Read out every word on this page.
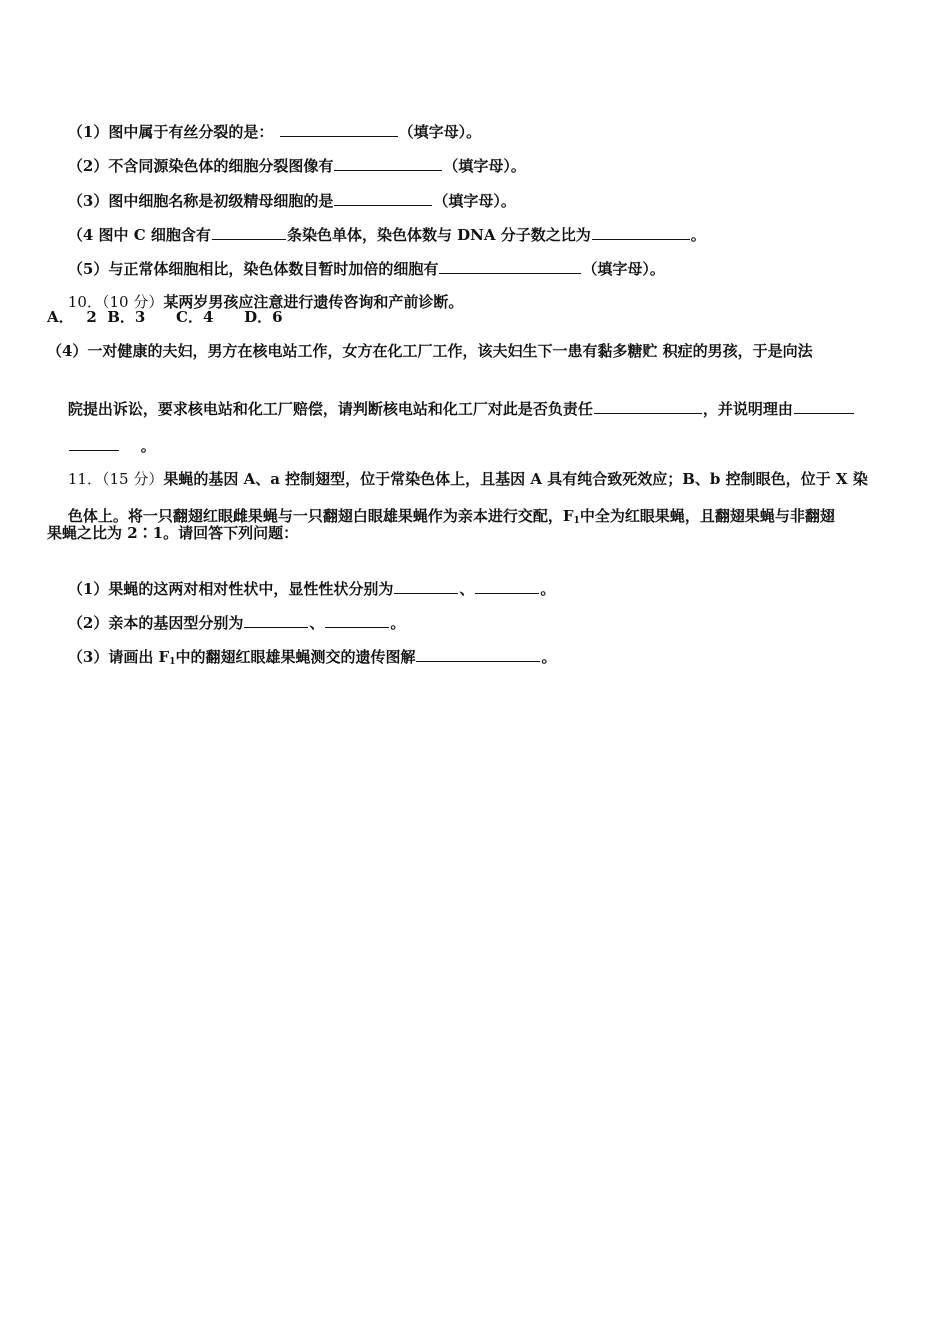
（1）图中属于有丝分裂的是：	（填字母）。

（2）不含同源染色体的细胞分裂图像有	（填字母）。

（3）图中细胞名称是初级精母细胞的是	（填字母）。

（4 图中 C 细胞含有	条染色单体，染色体数与 DNA 分子数之比为	。

（5）与正常体细胞相比，染色体数目暂时加倍的细胞有	（填字母）。

10．（10 分）某两岁男孩应注意进行遗传咨询和产前诊断。

A．　 2  B．3 　  C．4 　  D．6
（4）一对健康的夫妇，男方在核电站工作，女方在化工厂工作，该夫妇生下一患有黏多糖贮 积症的男孩，于是向法

院提出诉讼，要求核电站和化工厂赔偿，请判断核电站和化工厂对此是否负责任	，并说明理由

。

11．（15 分）果蝇的基因 A、a 控制翅型，位于常染色体上，且基因 A 具有纯合致死效应；B、b 控制眼色，位于 X 染

色体上。将一只翻翅红眼雌果蝇与一只翻翅白眼雄果蝇作为亲本进行交配，$F_1$中全为红眼果蝇，且翻翅果蝇与非翻翅

果蝇之比为 2∶1。请回答下列问题：

（1）果蝇的这两对相对性状中，显性性状分别为	、	。

（2）亲本的基因型分别为	、	。

（3）请画出 $F_1$中的翻翅红眼雄果蝇测交的遗传图解	。
